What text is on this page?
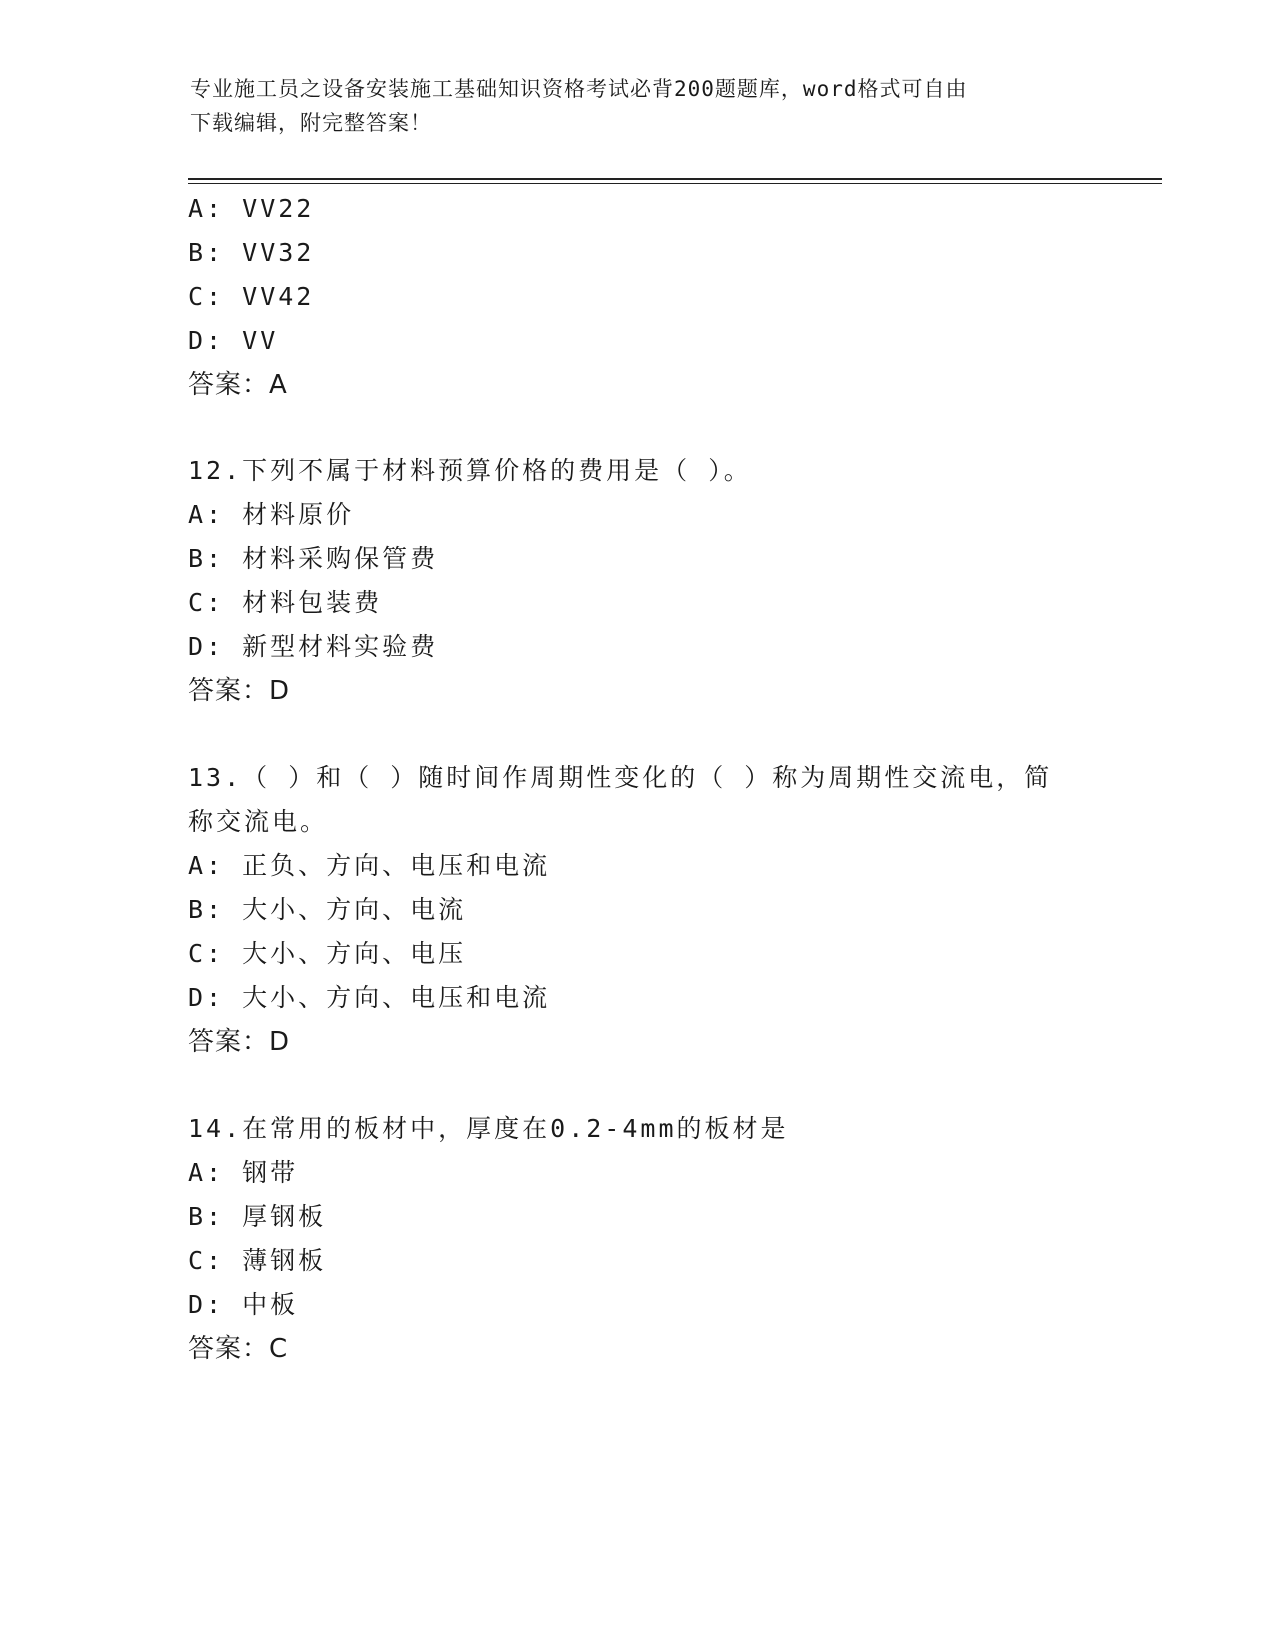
专业施工员之设备安装施工基础知识资格考试必背200题题库，word格式可自由
下载编辑，附完整答案！
A: VV22
B: VV32
C: VV42
D: VV
答案：A
12.下列不属于材料预算价格的费用是（ ）。
A: 材料原价
B: 材料采购保管费
C: 材料包装费
D: 新型材料实验费
答案：D
13.（ ）和（ ）随时间作周期性变化的（ ）称为周期性交流电，简
称交流电。
A: 正负、方向、电压和电流
B: 大小、方向、电流
C: 大小、方向、电压
D: 大小、方向、电压和电流
答案：D
14.在常用的板材中，厚度在0.2-4mm的板材是
A: 钢带
B: 厚钢板
C: 薄钢板
D: 中板
答案：C
